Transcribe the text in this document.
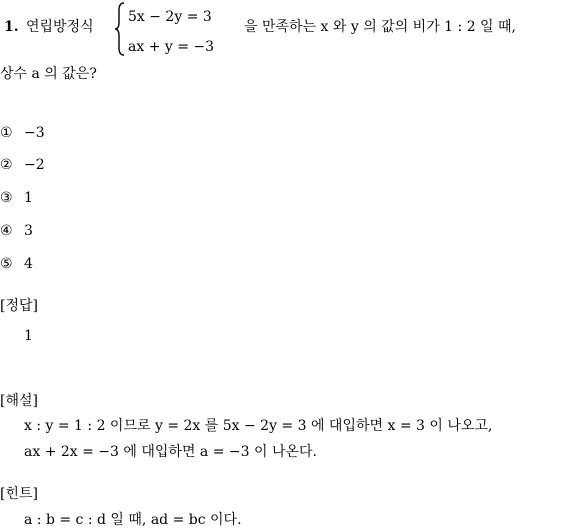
1. 연립방정식
5x − 2y = 3
ax + y = −3
을 만족하는 x 와 y 의 값의 비가 1 : 2 일 때,
상수 a 의 값은?
① −3
② −2
③ 1
④ 3
⑤ 4
[정답]
1
[해설]
x : y = 1 : 2 이므로 y = 2x 를 5x − 2y = 3 에 대입하면 x = 3 이 나오고,
ax + 2x = −3 에 대입하면 a = −3 이 나온다.
[힌트]
a : b = c : d 일 때, ad = bc 이다.
